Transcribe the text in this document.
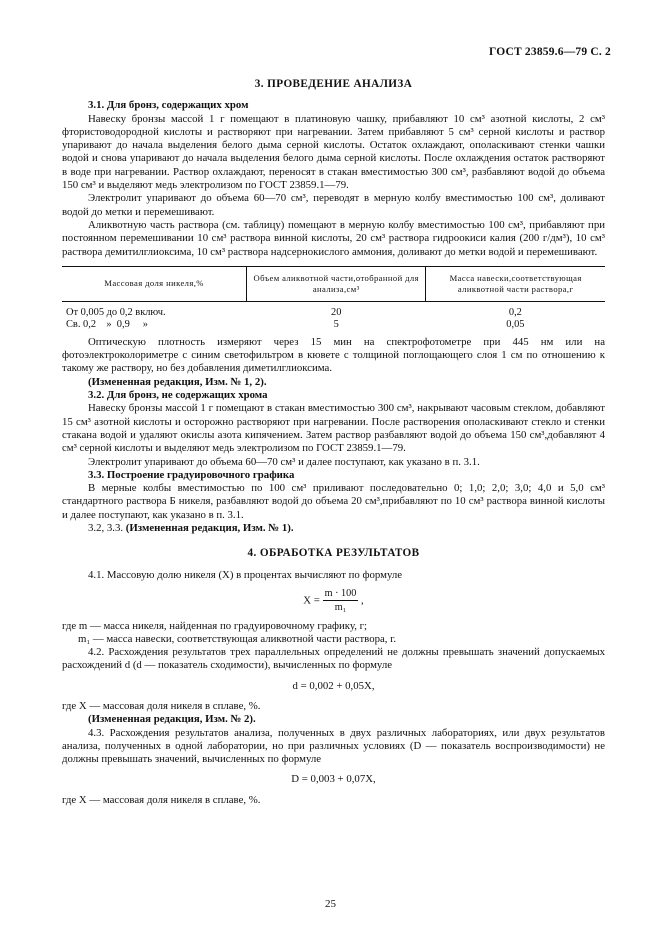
ГОСТ 23859.6—79 С. 2

3. ПРОВЕДЕНИЕ АНАЛИЗА

3.1. Для бронз, содержащих хром

Навеску бронзы массой 1 г помещают в платиновую чашку, прибавляют 10 см³ азотной кислоты, 2 см³ фтористоводородной кислоты и растворяют при нагревании. Затем прибавляют 5 см³ серной кислоты и раствор упаривают до начала выделения белого дыма серной кислоты. Остаток охлаждают, ополаскивают стенки чашки водой и снова упаривают до начала выделения белого дыма серной кислоты. После охлаждения остаток растворяют в воде при нагревании. Раствор охлаждают, переносят в стакан вместимостью 300 см³, разбавляют водой до объема 150 см³ и выделяют медь электролизом по ГОСТ 23859.1—79.

Электролит упаривают до объема 60—70 см³, переводят в мерную колбу вместимостью 100 см³, доливают водой до метки и перемешивают.

Аликвотную часть раствора (см. таблицу) помещают в мерную колбу вместимостью 100 см³, прибавляют при постоянном перемешивании 10 см³ раствора винной кислоты, 20 см³ раствора гидроокиси калия (200 г/дм³), 10 см³ раствора демитилглиоксима, 10 см³ раствора надсернокислого аммония, доливают до метки водой и перемешивают.

Массовая доля никеля,%	Объем аликвотной части,отобранной для анализа,см³	Масса навески,соответствующая аликвотной части раствора,г
От 0,005 до 0,2 включ.	20	0,2
Св. 0,2    »  0,9     »	5	0,05

Оптическую плотность измеряют через 15 мин на спектрофотометре при 445 нм или на фотоэлектроколориметре с синим светофильтром в кювете с толщиной поглощающего слоя 1 см по отношению к такому же раствору, но без добавления диметилглиоксима.

(Измененная редакция, Изм. № 1, 2).

3.2. Для бронз, не содержащих хрома

Навеску бронзы массой 1 г помещают в стакан вместимостью 300 см³, накрывают часовым стеклом, добавляют 15 см³ азотной кислоты и осторожно растворяют при нагревании. После растворения ополаскивают стекло и стенки стакана водой и удаляют окислы азота кипячением. Затем раствор разбавляют водой до объема 150 см³,добавляют 4 см³ серной кислоты и выделяют медь электролизом по ГОСТ 23859.1—79.

Электролит упаривают до объема 60—70 см³ и далее поступают, как указано в п. 3.1.

3.3. Построение градуировочного графика

В мерные колбы вместимостью по 100 см³ приливают последовательно 0; 1,0; 2,0; 3,0; 4,0 и 5,0 см³ стандартного раствора Б никеля, разбавляют водой до объема 20 см³,прибавляют по 10 см³ раствора винной кислоты и далее поступают, как указано в п. 3.1.

3.2, 3.3. (Измененная редакция, Изм. № 1).

4. ОБРАБОТКА РЕЗУЛЬТАТОВ

4.1. Массовую долю никеля (X) в процентах вычисляют по формуле

$X = \frac{m \cdot 100}{\text{m₁}}$ ,

где m — масса никеля, найденная по градуировочному графику, г;

m₁ — масса навески, соответствующая аликвотной части раствора, г.

4.2. Расхождения результатов трех параллельных определений не должны превышать значений допускаемых расхождений d (d — показатель сходимости), вычисленных по формуле

d = 0,002 + 0,05X,

где X — массовая доля никеля в сплаве, %.

(Измененная редакция, Изм. № 2).

4.3. Расхождения результатов анализа, полученных в двух различных лабораториях, или двух результатов анализа, полученных в одной лаборатории, но при различных условиях (D — показатель воспроизводимости) не должны превышать значений, вычисленных по формуле

D = 0,003 + 0,07X,

где X — массовая доля никеля в сплаве, %.

25
